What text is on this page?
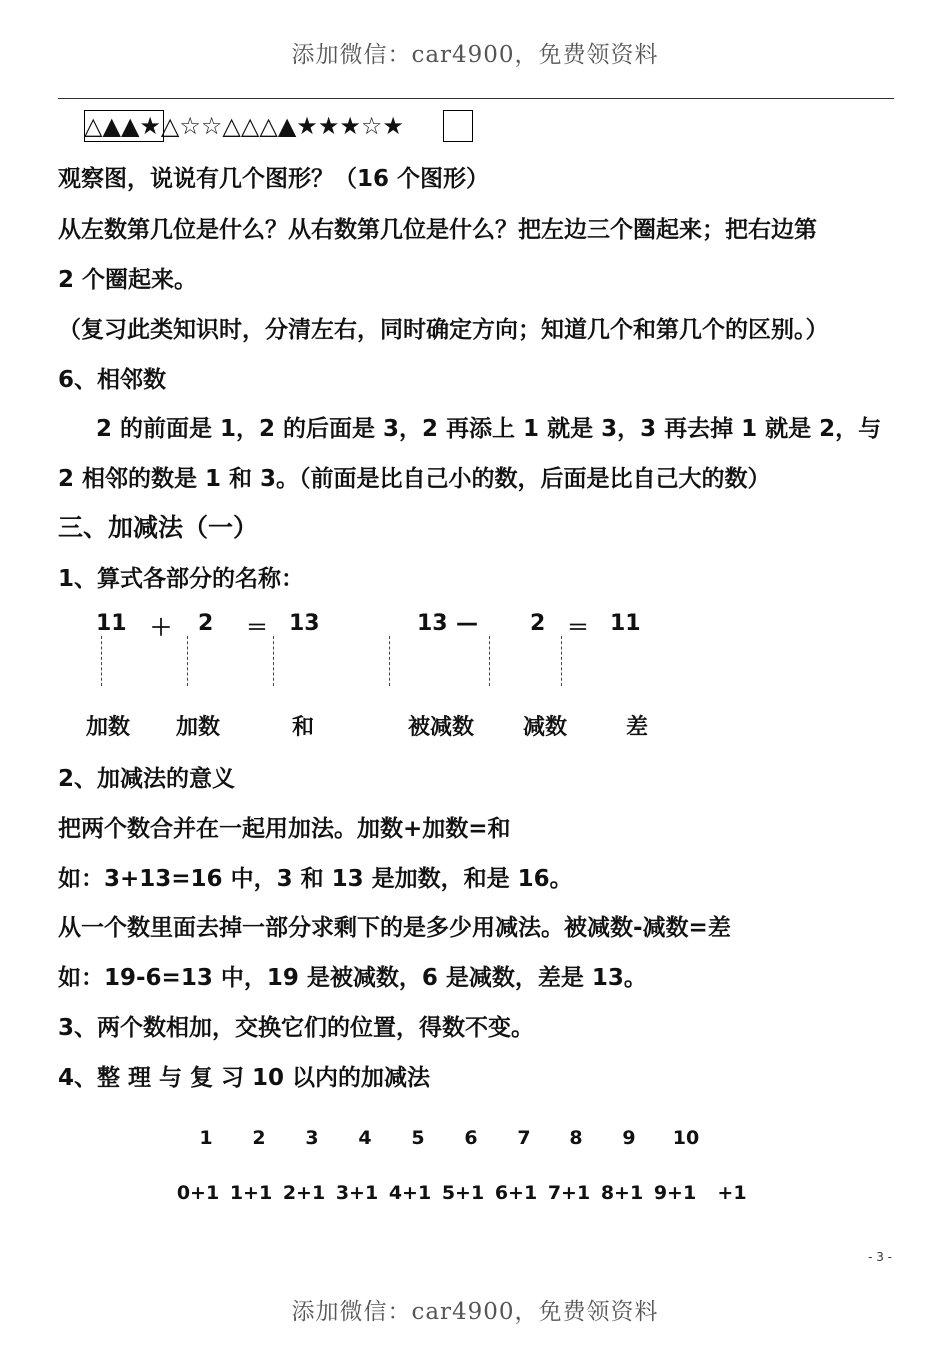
添加微信：car4900，免费领资料
△▲▲★△☆☆△△△▲★★★☆★
观察图，说说有几个图形？（16 个图形）
从左数第几位是什么？从右数第几位是什么？把左边三个圈起来；把右边第
2 个圈起来。
（复习此类知识时，分清左右，同时确定方向；知道几个和第几个的区别。）
6、相邻数
2 的前面是 1，2 的后面是 3，2 再添上 1 就是 3，3 再去掉 1 就是 2，与
2 相邻的数是 1 和 3。（前面是比自己小的数，后面是比自己大的数）
三、加减法（一）
1、算式各部分的名称：
11 ＋ 2 ＝ 13	13 — 2 ＝ 11
加数 加数	和	被减数 减数	差
2、加减法的意义
把两个数合并在一起用加法。加数+加数=和
如：3+13=16 中，3 和 13 是加数，和是 16。
从一个数里面去掉一部分求剩下的是多少用减法。被减数-减数=差
如：19-6=13 中，19 是被减数，6 是减数，差是 13。
3、两个数相加，交换它们的位置，得数不变。
4、整 理 与 复 习 10 以内的加减法
1	2	3	4	5	6	7	8	9	10
0+1 1+1 2+1 3+1 4+1 5+1 6+1 7+1 8+1 9+1	+1
- 3 -
添加微信：car4900，免费领资料
